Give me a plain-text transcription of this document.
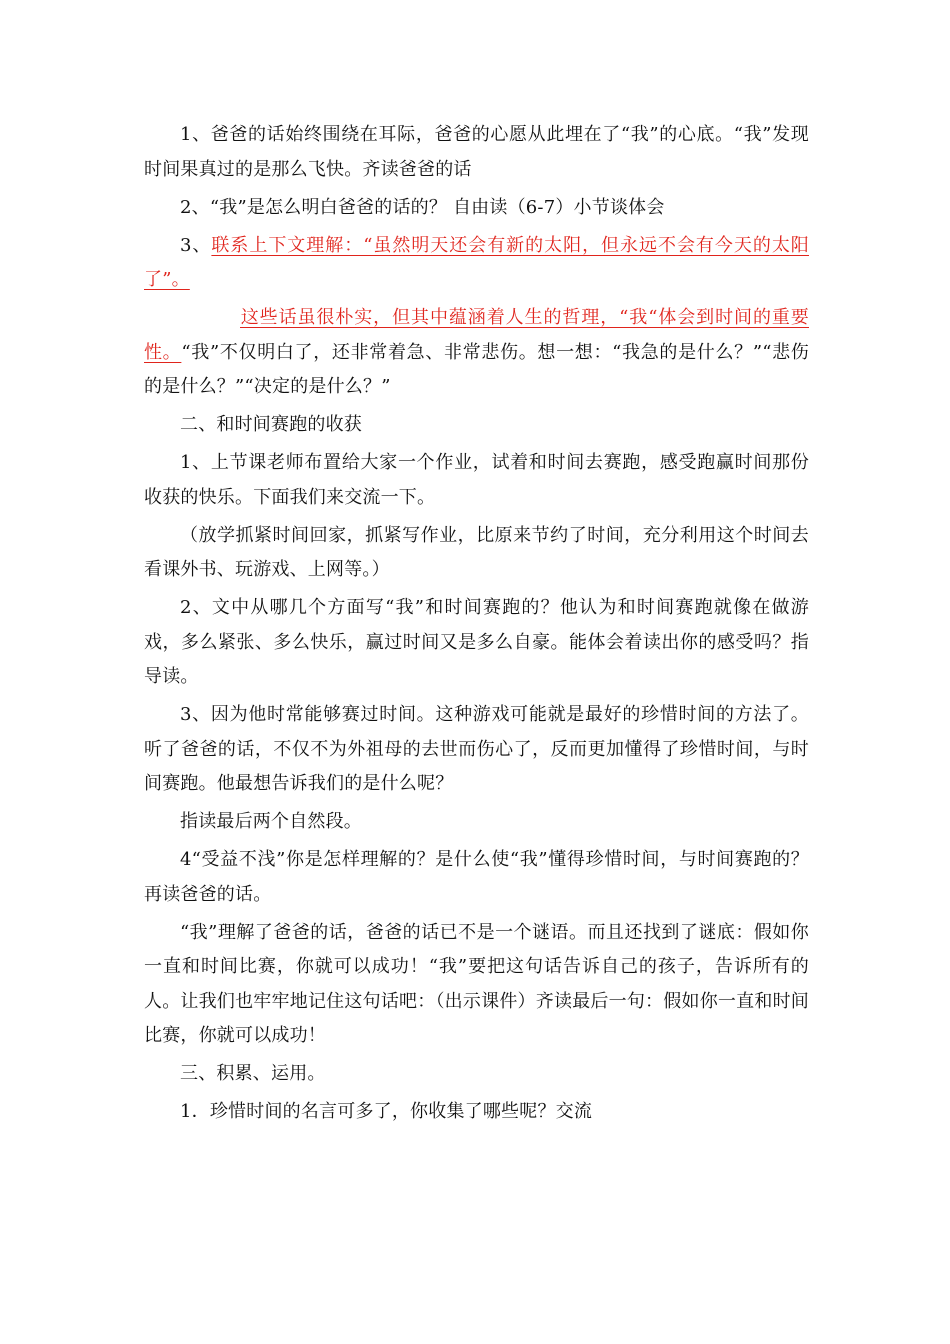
1、爸爸的话始终围绕在耳际，爸爸的心愿从此埋在了“我”的心底。“我”发现时间果真过的是那么飞快。齐读爸爸的话

2、“我”是怎么明白爸爸的话的？ 自由读（6-7）小节谈体会

3、联系上下文理解：“虽然明天还会有新的太阳，但永远不会有今天的太阳了”。

这些话虽很朴实，但其中蕴涵着人生的哲理，“我“体会到时间的重要性。“我”不仅明白了，还非常着急、非常悲伤。想一想：“我急的是什么？”“悲伤的是什么？”“决定的是什么？”

二、和时间赛跑的收获

1、上节课老师布置给大家一个作业，试着和时间去赛跑，感受跑赢时间那份收获的快乐。下面我们来交流一下。

（放学抓紧时间回家，抓紧写作业，比原来节约了时间，充分利用这个时间去看课外书、玩游戏、上网等。）

2、文中从哪几个方面写“我”和时间赛跑的？他认为和时间赛跑就像在做游戏，多么紧张、多么快乐，赢过时间又是多么自豪。能体会着读出你的感受吗？指导读。

3、因为他时常能够赛过时间。这种游戏可能就是最好的珍惜时间的方法了。听了爸爸的话，不仅不为外祖母的去世而伤心了，反而更加懂得了珍惜时间，与时间赛跑。他最想告诉我们的是什么呢？

指读最后两个自然段。

4“受益不浅”你是怎样理解的？是什么使“我”懂得珍惜时间，与时间赛跑的？再读爸爸的话。

“我”理解了爸爸的话，爸爸的话已不是一个谜语。而且还找到了谜底：假如你一直和时间比赛，你就可以成功！“我”要把这句话告诉自己的孩子，告诉所有的人。让我们也牢牢地记住这句话吧：（出示课件）齐读最后一句：假如你一直和时间比赛，你就可以成功！

三、积累、运用。

1．珍惜时间的名言可多了，你收集了哪些呢？交流
